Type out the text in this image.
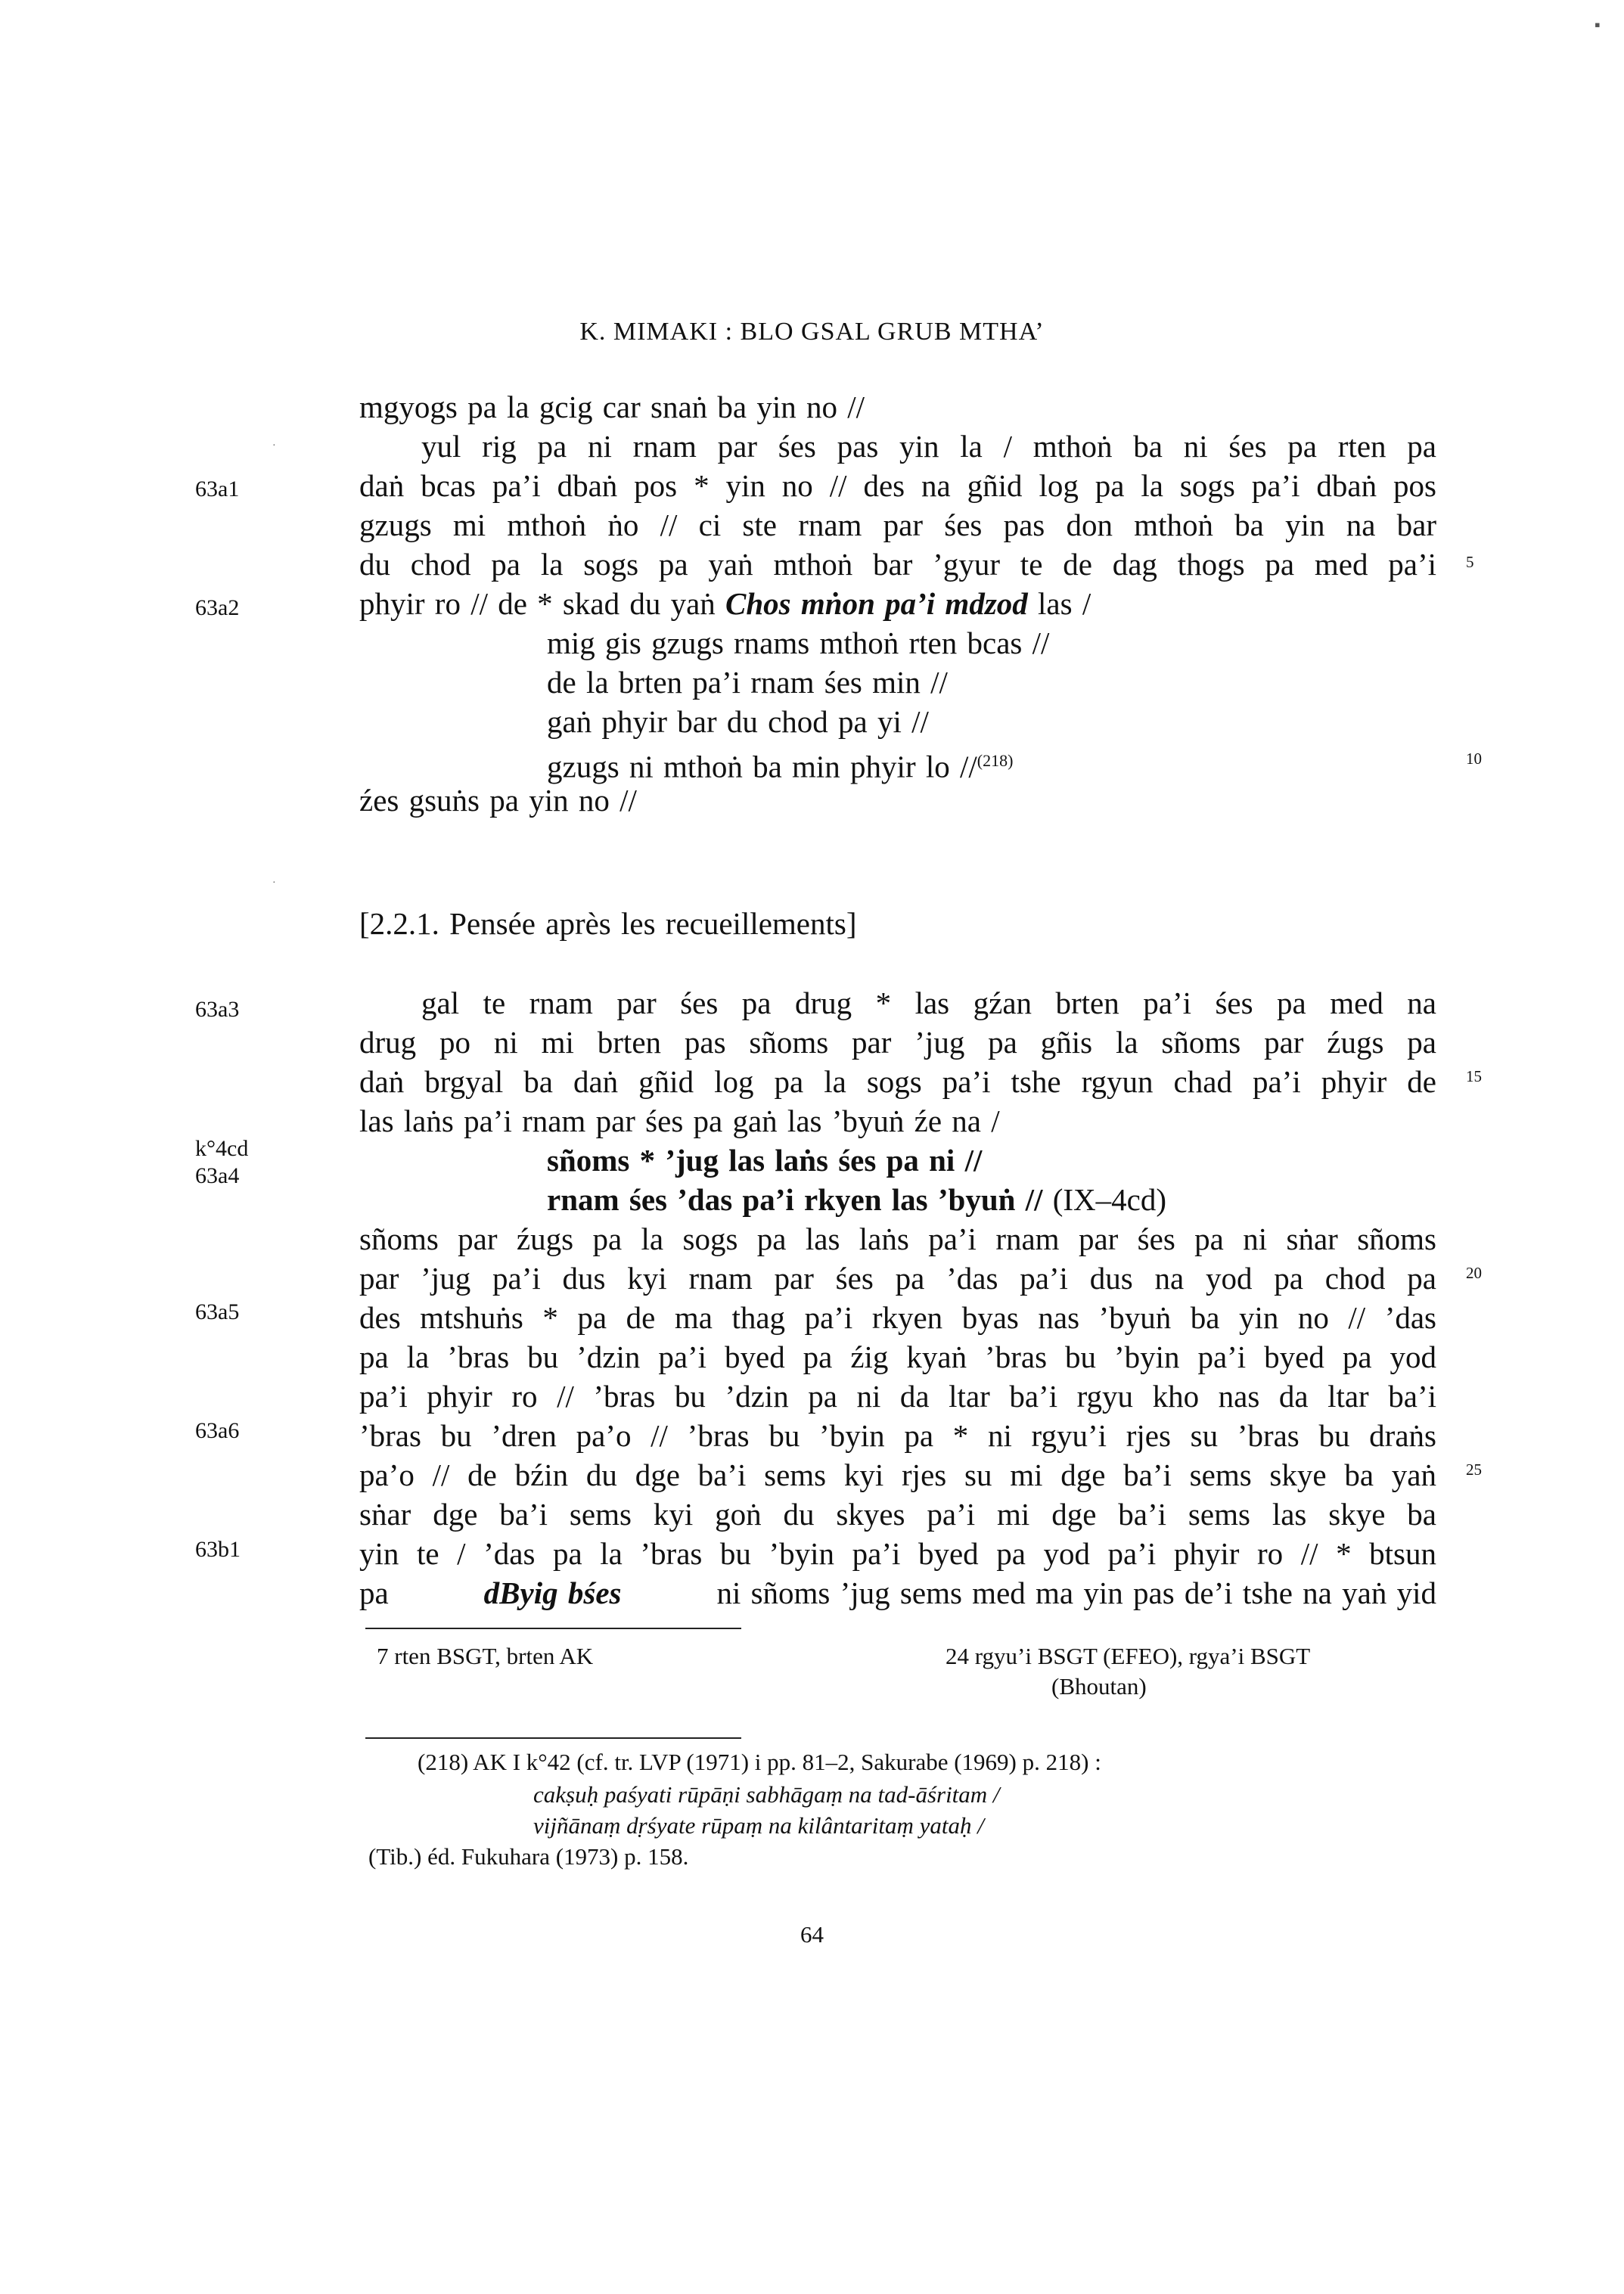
K. MIMAKI : BLO GSAL GRUB MTHA’
63a1
63a2
63a3
k°4cd
63a4
63a5
63a6
63b1
5
10
15
20
25
mgyogs pa la gcig car snaṅ ba yin no //
yul rig pa ni rnam par śes pas yin la / mthoṅ ba ni śes pa rten pa
daṅ bcas pa’i dbaṅ pos * yin no // des na gñid log pa la sogs pa’i dbaṅ pos
gzugs mi mthoṅ ṅo // ci ste rnam par śes pas don mthoṅ ba yin na bar
du chod pa la sogs pa yaṅ mthoṅ bar ’gyur te de dag thogs pa med pa’i
phyir ro // de * skad du yaṅ Chos mṅon pa’i mdzod las /
mig gis gzugs rnams mthoṅ rten bcas //
de la brten pa’i rnam śes min //
gaṅ phyir bar du chod pa yi //
gzugs ni mthoṅ ba min phyir lo //$^{(218)}$
źes gsuṅs pa yin no //
[2.2.1. Pensée après les recueillements]
gal te rnam par śes pa drug * las gźan brten pa’i śes pa med na
drug po ni mi brten pas sñoms par ’jug pa gñis la sñoms par źugs pa
daṅ brgyal ba daṅ gñid log pa la sogs pa’i tshe rgyun chad pa’i phyir de
las laṅs pa’i rnam par śes pa gaṅ las ’byuṅ źe na /
sñoms * ’jug las laṅs śes pa ni //
rnam śes ’das pa’i rkyen las ’byuṅ // (IX–4cd)
sñoms par źugs pa la sogs pa las laṅs pa’i rnam par śes pa ni sṅar sñoms
par ’jug pa’i dus kyi rnam par śes pa ’das pa’i dus na yod pa chod pa
des mtshuṅs * pa de ma thag pa’i rkyen byas nas ’byuṅ ba yin no // ’das
pa la ’bras bu ’dzin pa’i byed pa źig kyaṅ ’bras bu ’byin pa’i byed pa yod
pa’i phyir ro // ’bras bu ’dzin pa ni da ltar ba’i rgyu kho nas da ltar ba’i
’bras bu ’dren pa’o // ’bras bu ’byin pa * ni rgyu’i rjes su ’bras bu draṅs
pa’o // de bźin du dge ba’i sems kyi rjes su mi dge ba’i sems skye ba yaṅ
sṅar dge ba’i sems kyi goṅ du skyes pa’i mi dge ba’i sems las skye ba
yin te / ’das pa la ’bras bu ’byin pa’i byed pa yod pa’i phyir ro // * btsun
pa	dByig bśes	ni sñoms ’jug sems med ma yin pas de’i tshe na yaṅ yid
7 rten BSGT, brten AK	24 rgyu’i BSGT (EFEO), rgya’i BSGT
(Bhoutan)
(218) AK I k°42 (cf. tr. LVP (1971) i pp. 81–2, Sakurabe (1969) p. 218) :
cakṣuḥ paśyati rūpāṇi sabhāgaṃ na tad-āśritam /
vijñānaṃ dṛśyate rūpaṃ na kilântaritaṃ yataḥ /
(Tib.) éd. Fukuhara (1973) p. 158.
64
▪
·
·
